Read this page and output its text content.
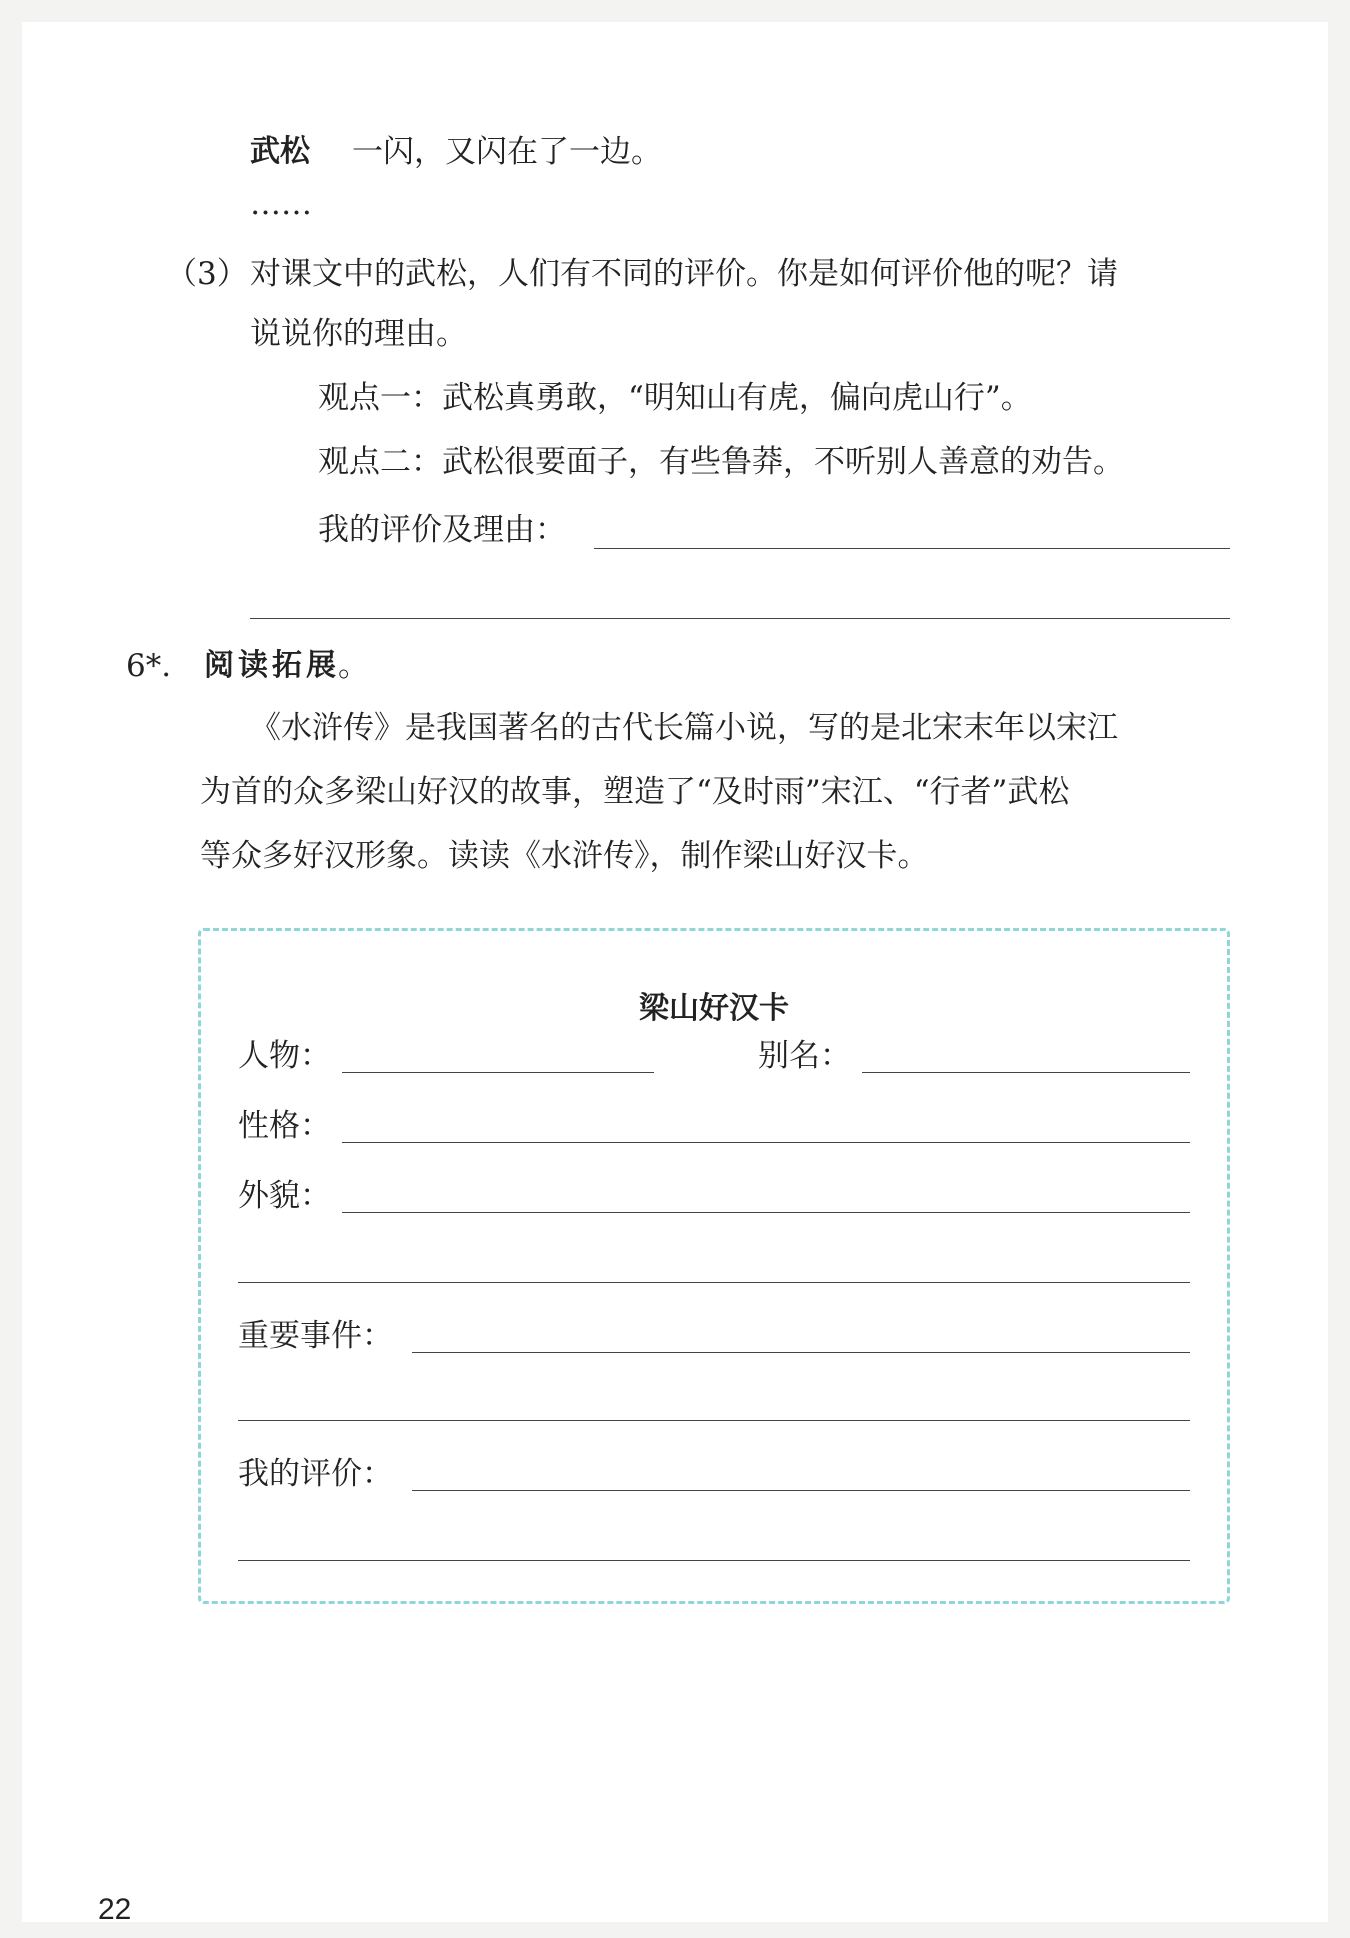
武松 一闪，又闪在了一边。
……
（3） 对课文中的武松，人们有不同的评价。你是如何评价他的呢？请
说说你的理由。
观点一：武松真勇敢，“明知山有虎，偏向虎山行”。
观点二：武松很要面子，有些鲁莽，不听别人善意的劝告。
我的评价及理由：
6*. 阅读拓展
。
《水浒传》是我国著名的古代长篇小说，写的是北宋末年以宋江
为首的众多梁山好汉的故事，塑造了“及时雨”宋江、“行者”武松
等众多好汉形象。读读《水浒传》，制作梁山好汉卡。
梁山好汉卡
人物：	别名：
性格：
外貌：
重要事件：
我的评价：
22
